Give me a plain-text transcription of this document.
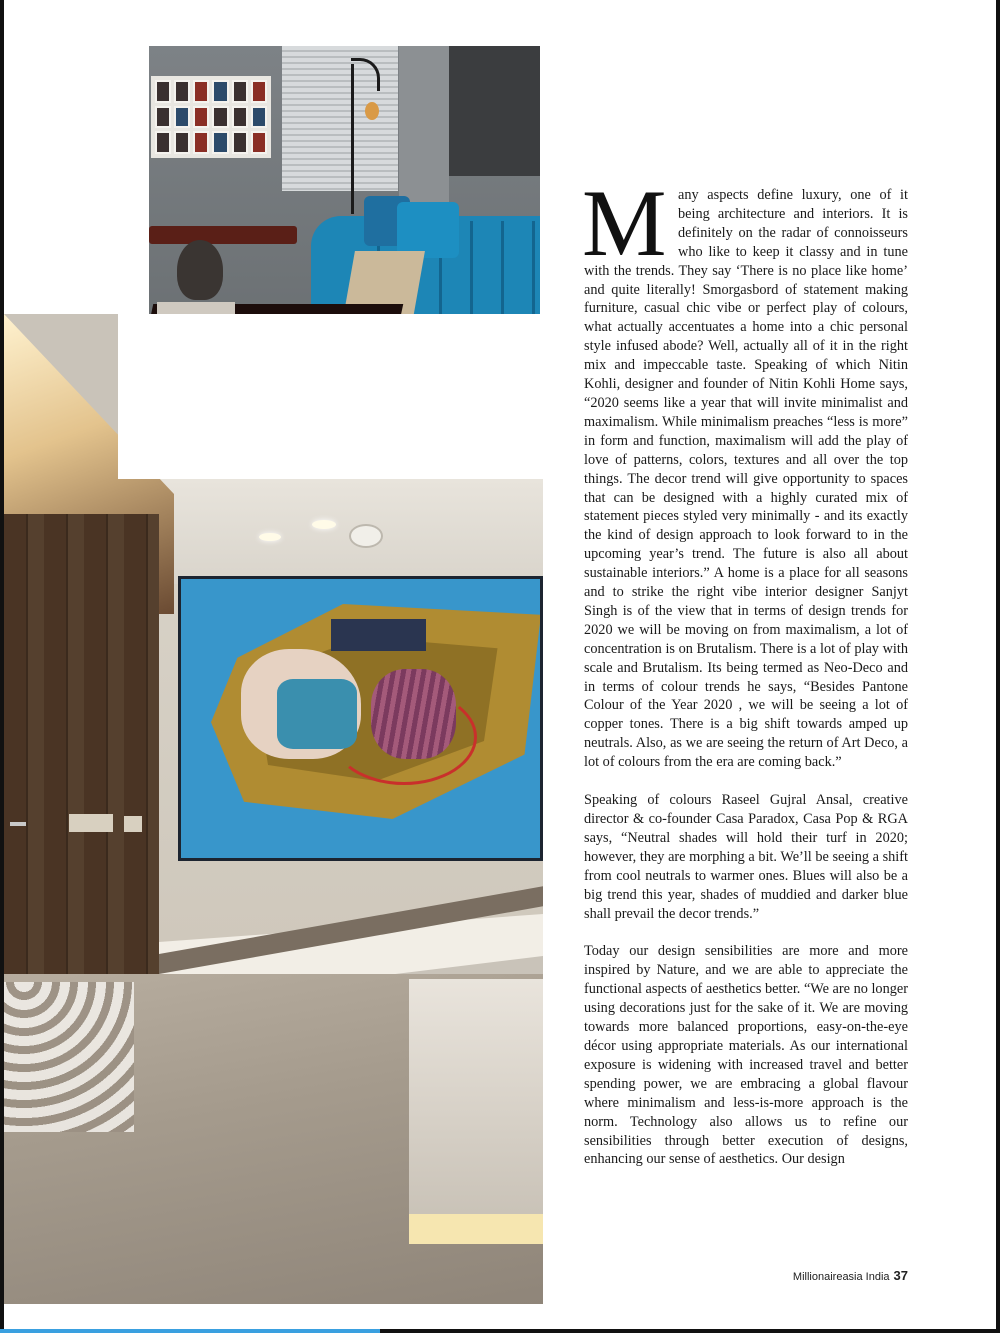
Many aspects define luxury, one of it being architecture and interiors. It is definitely on the radar of connoisseurs who like to keep it classy and in tune with the trends. They say ‘There is no place like home’ and quite literally! Smorgasbord of statement making furniture, casual chic vibe or perfect play of colours, what actually accentuates a home into a chic personal style infused abode? Well, actually all of it in the right mix and impeccable taste. Speaking of which Nitin Kohli, designer and founder of Nitin Kohli Home says, “2020 seems like a year that will invite minimalist and maximalism. While minimalism preaches “less is more” in form and function, maximalism will add the play of love of patterns, colors, textures and all over the top things. The decor trend will give opportunity to spaces that can be designed with a highly curated mix of statement pieces styled very minimally - and its exactly the kind of design approach to look forward to in the upcoming year’s trend. The future is also all about sustainable interiors.” A home is a place for all seasons and to strike the right vibe interior designer Sanjyt Singh is of the view that in terms of design trends for 2020 we will be moving on from maximalism, a lot of concentration is on Brutalism. There is a lot of play with scale and Brutalism. Its being termed as Neo-Deco and in terms of colour trends he says, “Besides Pantone Colour of the Year 2020 , we will be seeing a lot of copper tones. There is a big shift towards amped up neutrals. Also, as we are seeing the return of Art Deco, a lot of colours from the era are coming back.”

Speaking of colours Raseel Gujral Ansal, creative director & co-founder Casa Paradox, Casa Pop & RGA says, “Neutral shades will hold their turf in 2020; however, they are morphing a bit. We’ll be seeing a shift from cool neutrals to warmer ones. Blues will also be a big trend this year, shades of muddied and darker blue shall prevail the decor trends.”

Today our design sensibilities are more and more inspired by Nature, and we are able to appreciate the functional aspects of aesthetics better. “We are no longer using decorations just for the sake of it. We are moving towards more balanced proportions, easy-on-the-eye décor using appropriate materials. As our international exposure is widening with increased travel and better spending power, we are embracing a global flavour where minimalism and less-is-more approach is the norm. Technology also allows us to refine our sensibilities through better execution of designs, enhancing our sense of aesthetics. Our design

Millionaireasia India 37
